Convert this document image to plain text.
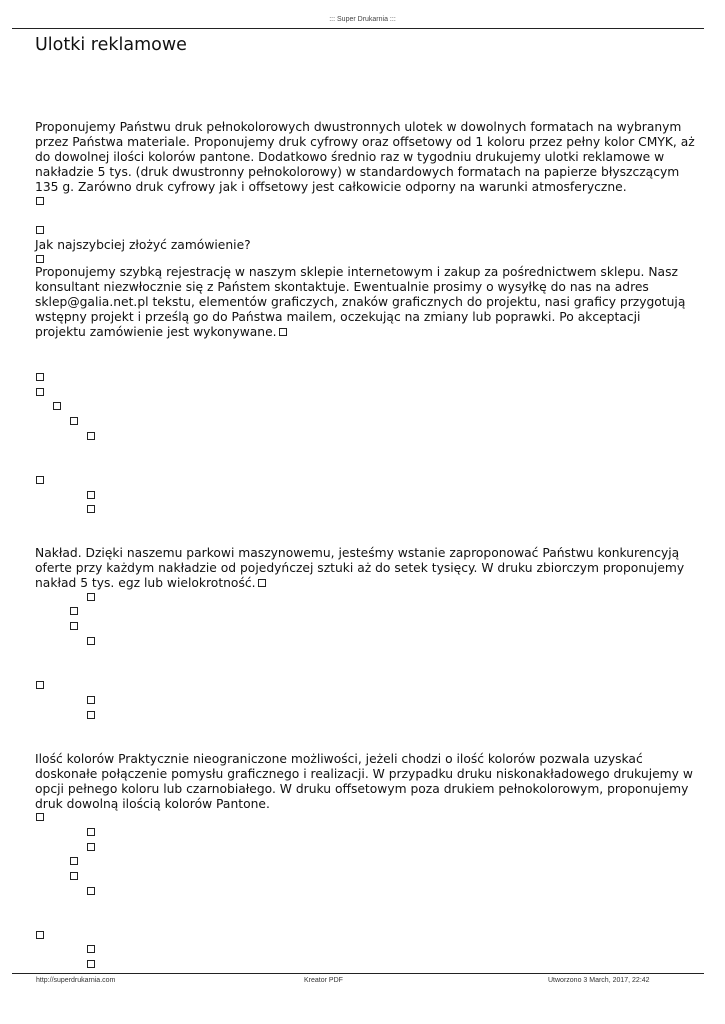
::: Super Drukarnia :::
Ulotki reklamowe

Proponujemy Państwu druk pełnokolorowych dwustronnych ulotek w dowolnych formatach na wybranym przez Państwa materiale. Proponujemy druk cyfrowy oraz offsetowy od 1 koloru przez pełny kolor CMYK, aż do dowolnej ilości kolorów pantone. Dodatkowo średnio raz w tygodniu drukujemy ulotki reklamowe w nakładzie 5 tys. (druk dwustronny pełnokolorowy) w standardowych formatach na papierze błyszczącym 135 g. Zarówno druk cyfrowy jak i offsetowy jest całkowicie odporny na warunki atmosferyczne.

Jak najszybciej złożyć zamówienie?

Proponujemy szybką rejestrację w naszym sklepie internetowym i zakup za pośrednictwem sklepu. Nasz konsultant niezwłocznie się z Państem skontaktuje. Ewentualnie prosimy o wysyłkę do nas na adres sklep@galia.net.pl tekstu, elementów graficzych, znaków graficznych do projektu, nasi graficy przygotują wstępny projekt i prześlą go do Państwa mailem, oczekując na zmiany lub poprawki. Po akceptacji projektu zamówienie jest wykonywane.

Nakład. Dzięki naszemu parkowi maszynowemu, jesteśmy wstanie zaproponować Państwu konkurencyją oferte przy każdym nakładzie od pojedyńczej sztuki aż do setek tysięcy. W druku zbiorczym proponujemy nakład 5 tys. egz lub wielokrotność.

Ilość kolorów Praktycznie nieograniczone możliwości, jeżeli chodzi o ilość kolorów pozwala uzyskać doskonałe połączenie pomysłu graficznego i realizacji. W przypadku druku niskonakładowego drukujemy w opcji pełnego koloru lub czarnobiałego. W druku offsetowym poza drukiem pełnokolorowym, proponujemy druk dowolną ilością kolorów Pantone.

http://superdrukarnia.com	Kreator PDF	Utworzono 3 March, 2017, 22:42
